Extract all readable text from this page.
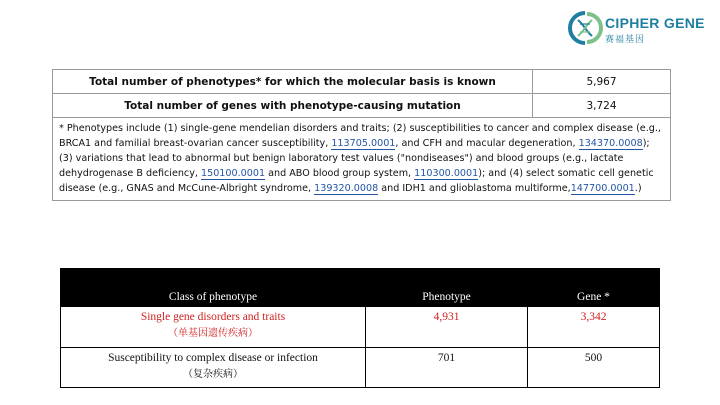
CIPHER GENE
赛福基因
Total number of phenotypes* for which the molecular basis is known	5,967
Total number of genes with phenotype-causing mutation	3,724
* Phenotypes include (1) single-gene mendelian disorders and traits; (2) susceptibilities to cancer and complex disease (e.g., BRCA1 and familial breast-ovarian cancer susceptibility, 113705.0001, and CFH and macular degeneration, 134370.0008); (3) variations that lead to abnormal but benign laboratory test values ("nondiseases") and blood groups (e.g., lactate dehydrogenase B deficiency, 150100.0001 and ABO blood group system, 110300.0001); and (4) select somatic cell genetic disease (e.g., GNAS and McCune-Albright syndrome, 139320.0008 and IDH1 and glioblastoma multiforme,147700.0001.)	
Class of phenotype	Phenotype	Gene *
Single gene disorders and traits
（单基因遗传疾病）	4,931	3,342
Susceptibility to complex disease or infection
（复杂疾病）	701	500
